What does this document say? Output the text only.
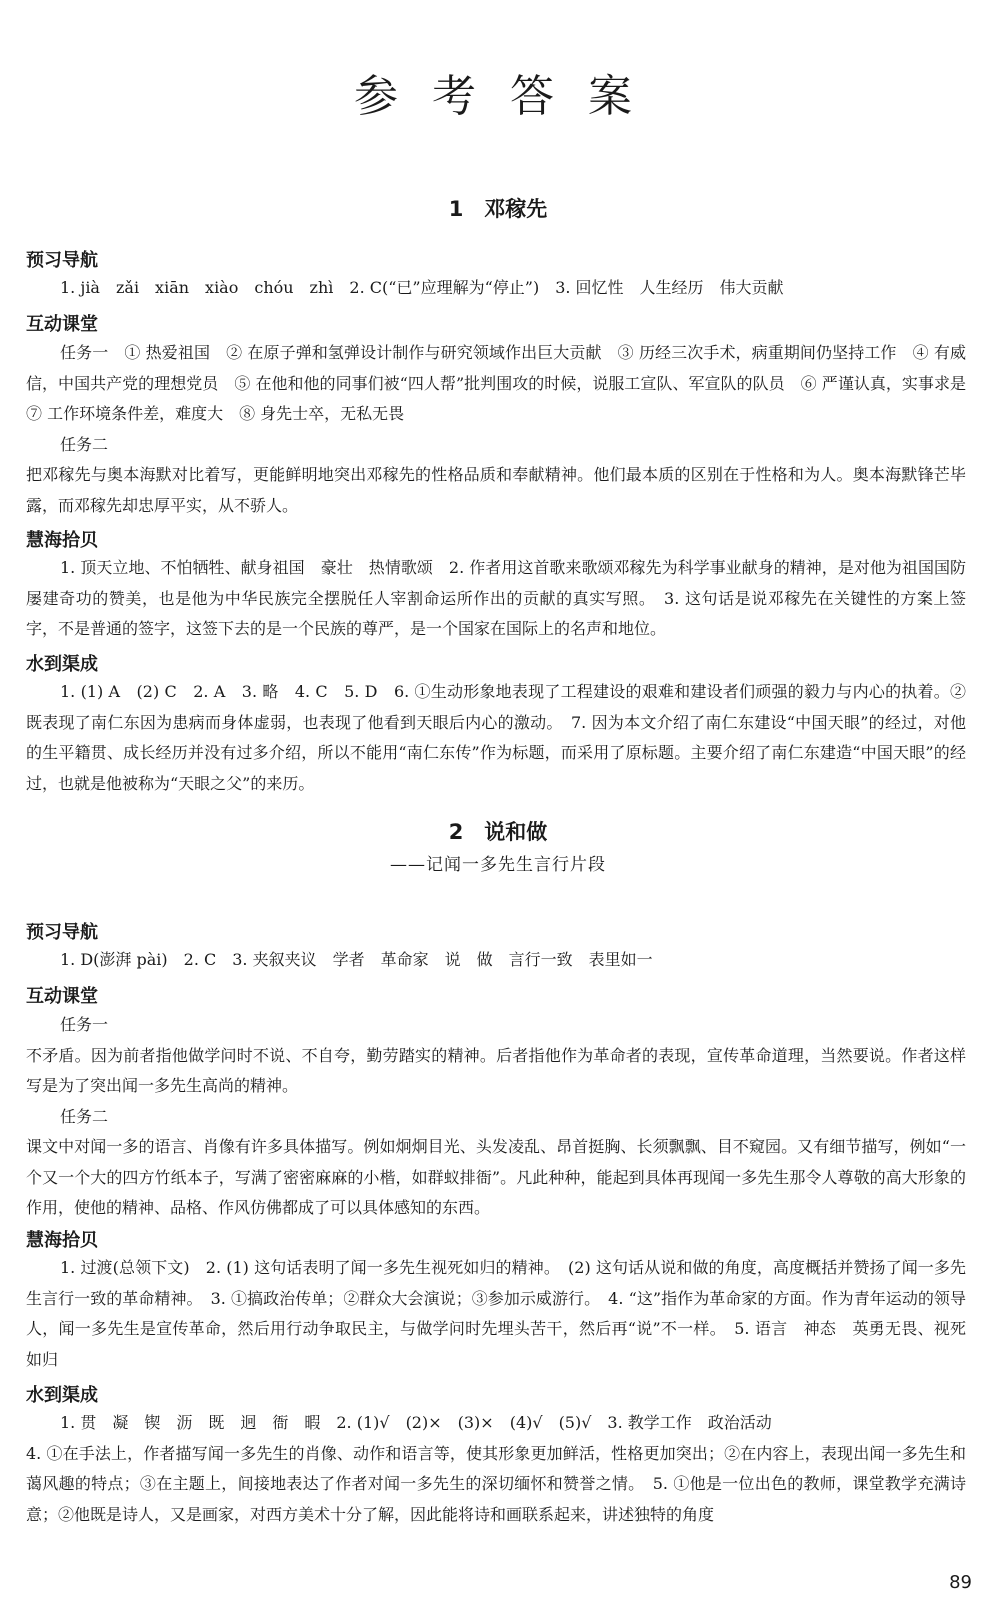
参 考 答 案
1　邓稼先
预习导航

1. jià　zǎi　xiān　xiào　chóu　zhì　2. C(“已”应理解为“停止”)　3. 回忆性　人生经历　伟大贡献

互动课堂

任务一　① 热爱祖国　② 在原子弹和氢弹设计制作与研究领域作出巨大贡献　③ 历经三次手术，病重期间仍坚持工作　④ 有威信，中国共产党的理想党员　⑤ 在他和他的同事们被“四人帮”批判围攻的时候，说服工宣队、军宣队的队员　⑥ 严谨认真，实事求是　⑦ 工作环境条件差，难度大　⑧ 身先士卒，无私无畏

任务二

把邓稼先与奥本海默对比着写，更能鲜明地突出邓稼先的性格品质和奉献精神。他们最本质的区别在于性格和为人。奥本海默锋芒毕露，而邓稼先却忠厚平实，从不骄人。

慧海拾贝

1. 顶天立地、不怕牺牲、献身祖国　豪壮　热情歌颂　2. 作者用这首歌来歌颂邓稼先为科学事业献身的精神，是对他为祖国国防屡建奇功的赞美，也是他为中华民族完全摆脱任人宰割命运所作出的贡献的真实写照。　3. 这句话是说邓稼先在关键性的方案上签字，不是普通的签字，这签下去的是一个民族的尊严，是一个国家在国际上的名声和地位。

水到渠成

1. (1) A　(2) C　2. A　3. 略　4. C　5. D　6. ①生动形象地表现了工程建设的艰难和建设者们顽强的毅力与内心的执着。②既表现了南仁东因为患病而身体虚弱，也表现了他看到天眼后内心的激动。　7. 因为本文介绍了南仁东建设“中国天眼”的经过，对他的生平籍贯、成长经历并没有过多介绍，所以不能用“南仁东传”作为标题，而采用了原标题。主要介绍了南仁东建造“中国天眼”的经过，也就是他被称为“天眼之父”的来历。

2　说和做
——记闻一多先生言行片段
预习导航

1. D(澎湃 pài)　2. C　3. 夹叙夹议　学者　革命家　说　做　言行一致　表里如一

互动课堂

任务一

不矛盾。因为前者指他做学问时不说、不自夸，勤劳踏实的精神。后者指他作为革命者的表现，宣传革命道理，当然要说。作者这样写是为了突出闻一多先生高尚的精神。

任务二

课文中对闻一多的语言、肖像有许多具体描写。例如炯炯目光、头发凌乱、昂首挺胸、长须飘飘、目不窥园。又有细节描写，例如“一个又一个大的四方竹纸本子，写满了密密麻麻的小楷，如群蚁排衙”。凡此种种，能起到具体再现闻一多先生那令人尊敬的高大形象的作用，使他的精神、品格、作风仿佛都成了可以具体感知的东西。

慧海拾贝

1. 过渡(总领下文)　2. (1) 这句话表明了闻一多先生视死如归的精神。　(2) 这句话从说和做的角度，高度概括并赞扬了闻一多先生言行一致的革命精神。　3. ①搞政治传单；②群众大会演说；③参加示威游行。　4. “这”指作为革命家的方面。作为青年运动的领导人，闻一多先生是宣传革命，然后用行动争取民主，与做学问时先埋头苦干，然后再“说”不一样。　5. 语言　神态　英勇无畏、视死如归

水到渠成

1. 贯　凝　锲　沥　既　迥　衙　暇　2. (1)√　(2)×　(3)×　(4)√　(5)√　3. 教学工作　政治活动

4. ①在手法上，作者描写闻一多先生的肖像、动作和语言等，使其形象更加鲜活，性格更加突出；②在内容上，表现出闻一多先生和蔼风趣的特点；③在主题上，间接地表达了作者对闻一多先生的深切缅怀和赞誉之情。　5. ①他是一位出色的教师，课堂教学充满诗意；②他既是诗人，又是画家，对西方美术十分了解，因此能将诗和画联系起来，讲述独特的角度

89
